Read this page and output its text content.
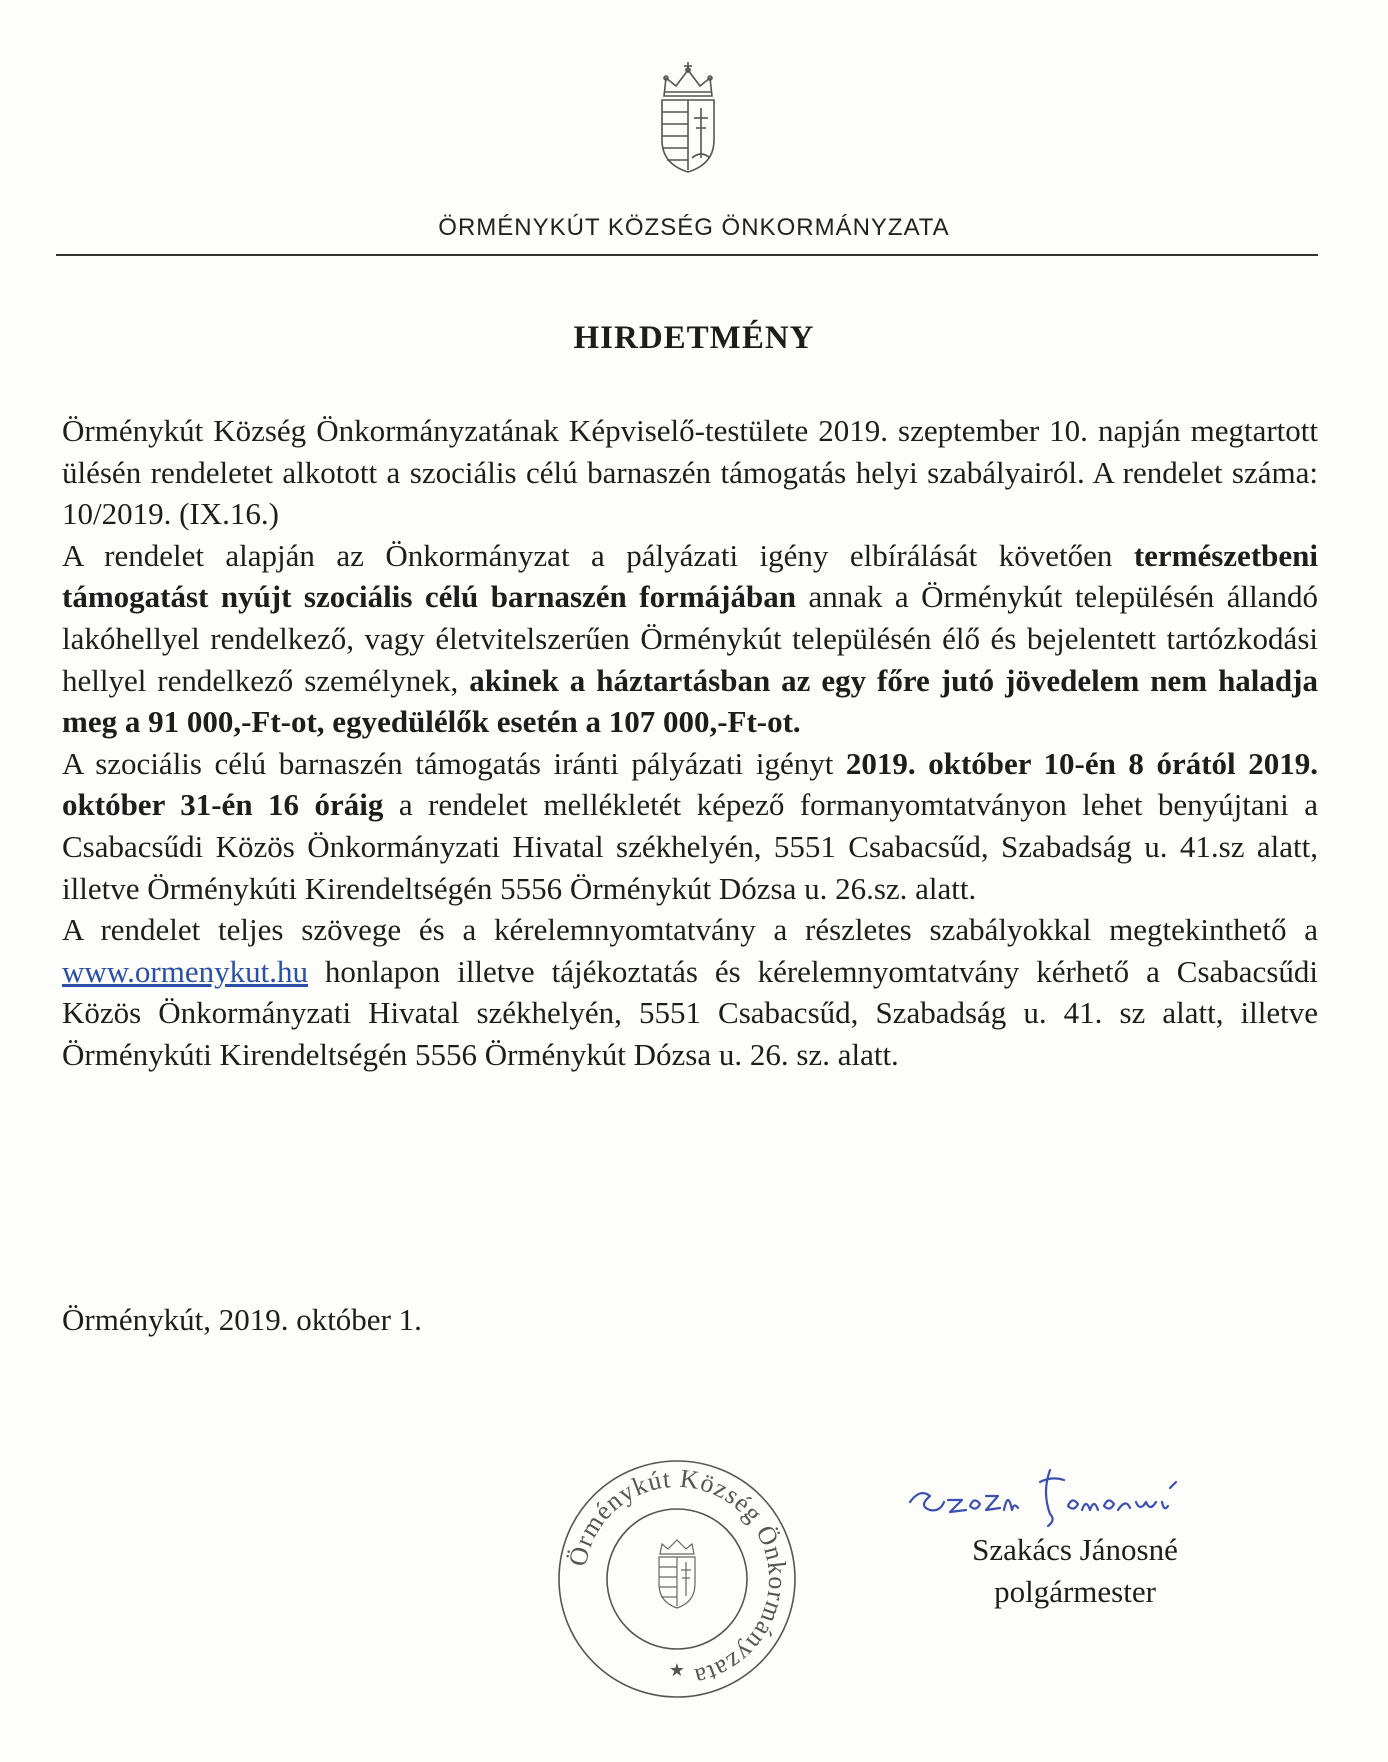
ÖRMÉNYKÚT KÖZSÉG ÖNKORMÁNYZATA
HIRDETMÉNY

Örménykút Község Önkormányzatának Képviselő-testülete 2019. szeptember 10. napján megtartott ülésén rendeletet alkotott a szociális célú barnaszén támogatás helyi szabályairól. A rendelet száma: 10/2019. (IX.16.)

A rendelet alapján az Önkormányzat a pályázati igény elbírálását követően természetbeni támogatást nyújt szociális célú barnaszén formájában annak a Örménykút településén állandó lakóhellyel rendelkező, vagy életvitelszerűen Örménykút településén élő és bejelentett tartózkodási hellyel rendelkező személynek, akinek a háztartásban az egy főre jutó jövedelem nem haladja meg a 91 000,-Ft-ot, egyedülélők esetén a 107 000,-Ft-ot.

A szociális célú barnaszén támogatás iránti pályázati igényt 2019. október 10-én 8 órától 2019. október 31-én 16 óráig a rendelet mellékletét képező formanyomtatványon lehet benyújtani a Csabacsűdi Közös Önkormányzati Hivatal székhelyén, 5551 Csabacsűd, Szabadság u. 41.sz alatt, illetve Örménykúti Kirendeltségén 5556 Örménykút Dózsa u. 26.sz. alatt.

A rendelet teljes szövege és a kérelemnyomtatvány a részletes szabályokkal megtekinthető a www.ormenykut.hu honlapon illetve tájékoztatás és kérelemnyomtatvány kérhető a Csabacsűdi Közös Önkormányzati Hivatal székhelyén, 5551 Csabacsűd, Szabadság u. 41. sz alatt, illetve Örménykúti Kirendeltségén 5556 Örménykút Dózsa u. 26. sz. alatt.

Örménykút, 2019. október 1.
Szakács Jánosné
polgármester
Örménykút Község Önkormányzata
★
